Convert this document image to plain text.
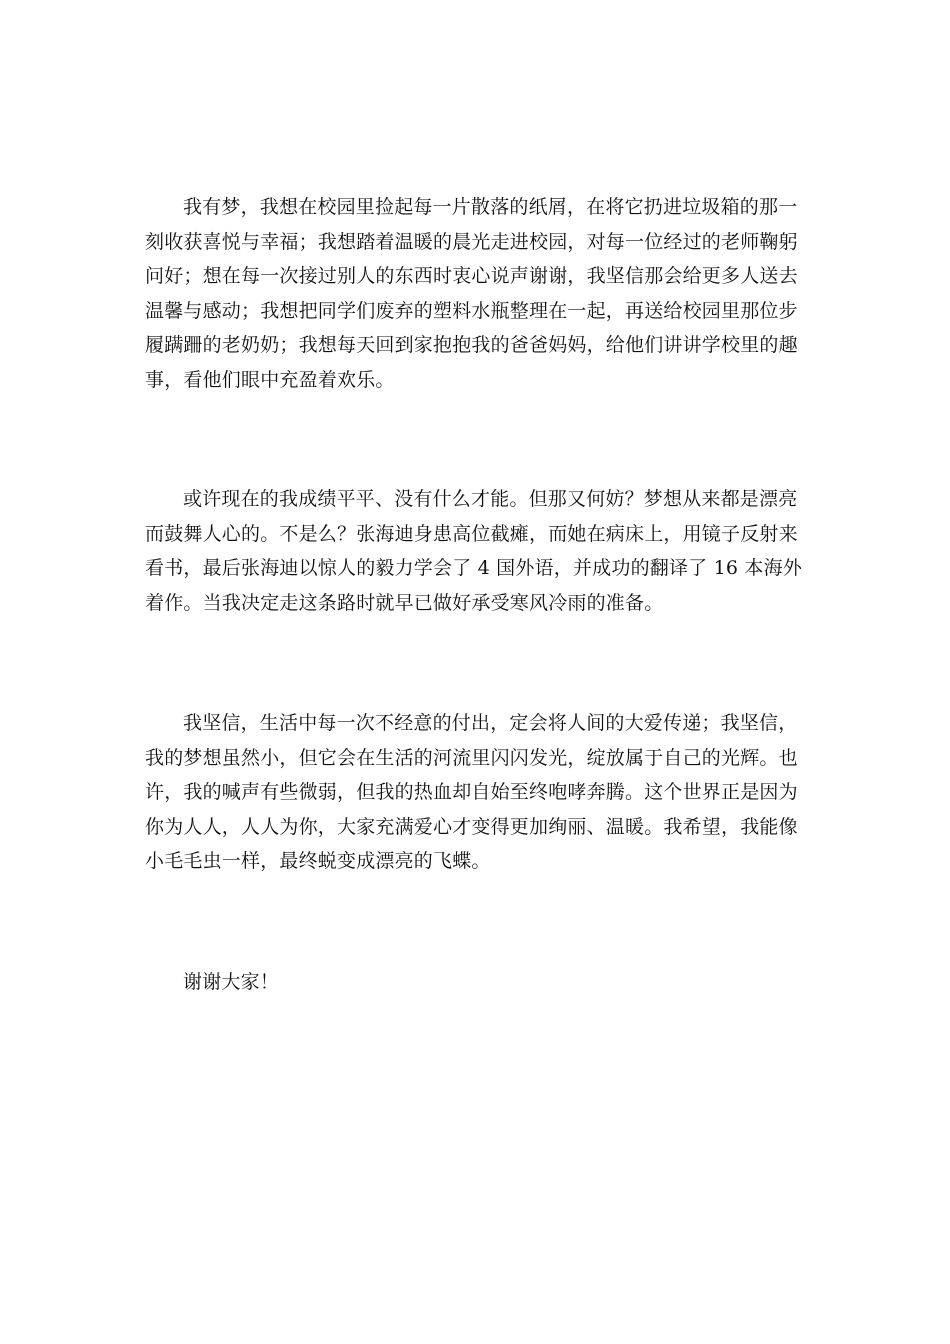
我有梦，我想在校园里捡起每一片散落的纸屑，在将它扔进垃圾箱的那一刻收获喜悦与幸福；我想踏着温暖的晨光走进校园，对每一位经过的老师鞠躬问好；想在每一次接过别人的东西时衷心说声谢谢，我坚信那会给更多人送去温馨与感动；我想把同学们废弃的塑料水瓶整理在一起，再送给校园里那位步履蹒跚的老奶奶；我想每天回到家抱抱我的爸爸妈妈，给他们讲讲学校里的趣事，看他们眼中充盈着欢乐。

或许现在的我成绩平平、没有什么才能。但那又何妨？梦想从来都是漂亮而鼓舞人心的。不是么？张海迪身患高位截瘫，而她在病床上，用镜子反射来看书，最后张海迪以惊人的毅力学会了 4 国外语，并成功的翻译了 16 本海外着作。当我决定走这条路时就早已做好承受寒风冷雨的准备。

我坚信，生活中每一次不经意的付出，定会将人间的大爱传递；我坚信，我的梦想虽然小，但它会在生活的河流里闪闪发光，绽放属于自己的光辉。也许，我的喊声有些微弱，但我的热血却自始至终咆哮奔腾。这个世界正是因为你为人人，人人为你，大家充满爱心才变得更加绚丽、温暖。我希望，我能像小毛毛虫一样，最终蜕变成漂亮的飞蝶。

谢谢大家！
